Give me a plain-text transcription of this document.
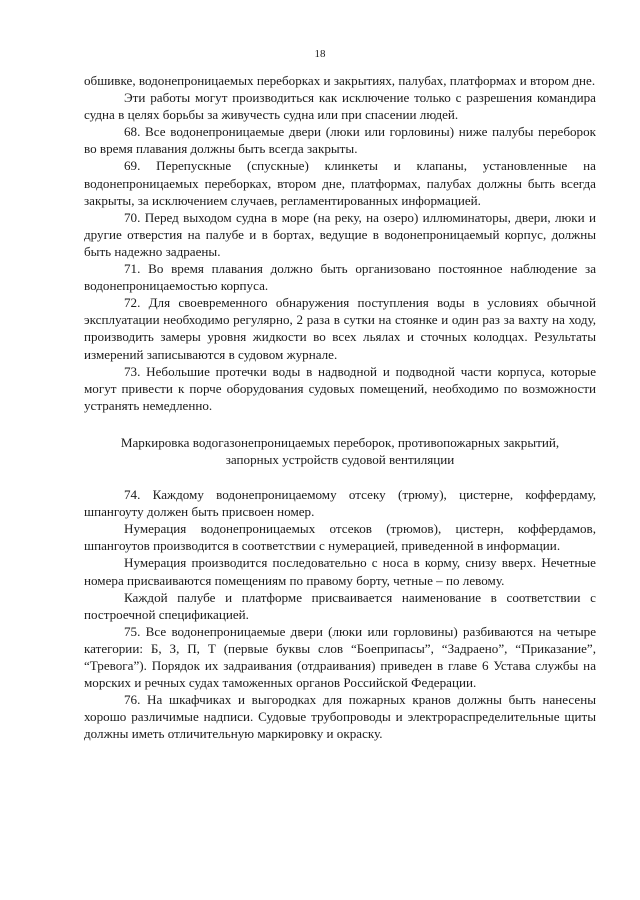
18

обшивке, водонепроницаемых переборках и закрытиях, палубах, платформах и втором дне.

Эти работы могут производиться как исключение только с разрешения командира судна в целях борьбы за живучесть судна или при спасении людей.

68. Все водонепроницаемые двери (люки или горловины) ниже палубы переборок во время плавания должны быть всегда закрыты.

69. Перепускные (спускные) клинкеты и клапаны, установленные на водонепроницаемых переборках, втором дне, платформах, палубах должны быть всегда закрыты, за исключением случаев, регламентированных информацией.

70. Перед выходом судна в море (на реку, на озеро) иллюминаторы, двери, люки и другие отверстия на палубе и в бортах, ведущие в водонепроницаемый корпус, должны быть надежно задраены.

71. Во время плавания должно быть организовано постоянное наблюдение за водонепроницаемостью корпуса.

72. Для своевременного обнаружения поступления воды в условиях обычной эксплуатации необходимо регулярно, 2 раза в сутки на стоянке и один раз за вахту на ходу, производить замеры уровня жидкости во всех льялах и сточных колодцах. Результаты измерений записываются в судовом журнале.

73. Небольшие протечки воды в надводной и подводной части корпуса, которые могут привести к порче оборудования судовых помещений, необходимо по возможности устранять немедленно.

Маркировка водогазонепроницаемых переборок, противопожарных закрытий, запорных устройств судовой вентиляции

74. Каждому водонепроницаемому отсеку (трюму), цистерне, коффердаму, шпангоуту должен быть присвоен номер.

Нумерация водонепроницаемых отсеков (трюмов), цистерн, коффердамов, шпангоутов производится в соответствии с нумерацией, приведенной в информации.

Нумерация производится последовательно с носа в корму, снизу вверх. Нечетные номера присваиваются помещениям по правому борту, четные – по левому.

Каждой палубе и платформе присваивается наименование в соответствии с построечной спецификацией.

75. Все водонепроницаемые двери (люки или горловины) разбиваются на четыре категории: Б, З, П, Т (первые буквы слов “Боеприпасы”, “Задраено”, “Приказание”, “Тревога”). Порядок их задраивания (отдраивания) приведен в главе 6 Устава службы на морских и речных судах таможенных органов Российской Федерации.

76. На шкафчиках и выгородках для пожарных кранов должны быть нанесены хорошо различимые надписи. Судовые трубопроводы и электрораспределительные щиты должны иметь отличительную маркировку и окраску.
